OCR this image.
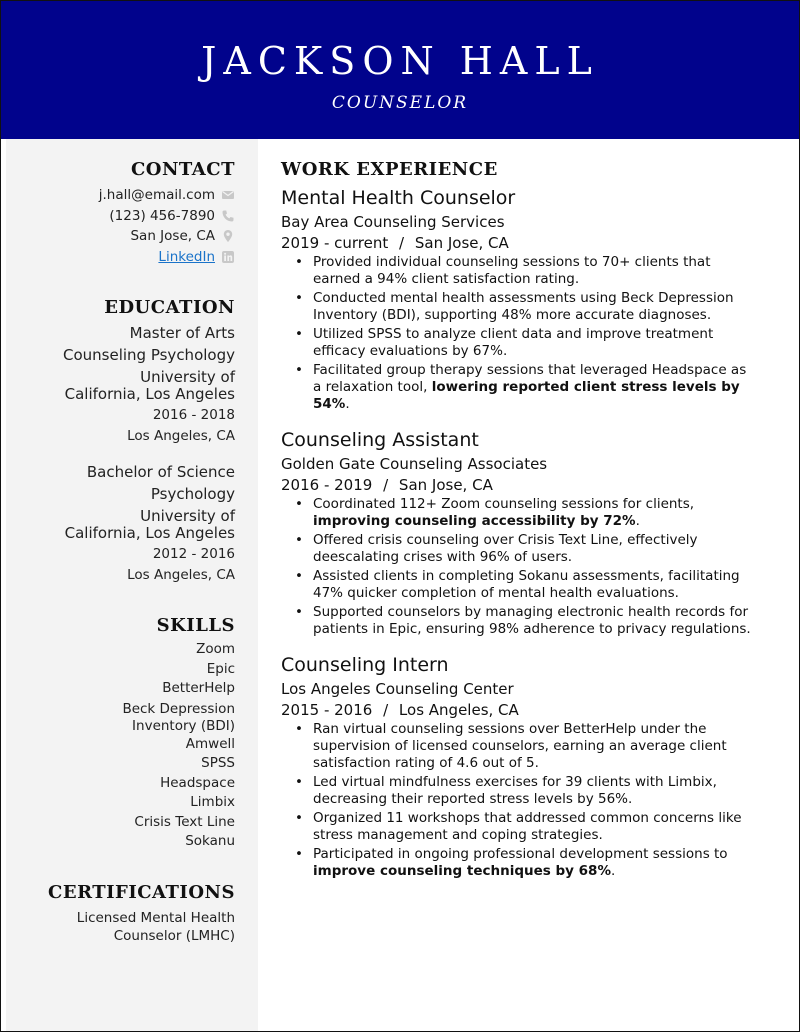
JACKSON HALL
COUNSELOR
CONTACT
j.hall@email.com
(123) 456-7890
San Jose, CA
LinkedIn
EDUCATION
Master of Arts
Counseling Psychology
University of
California, Los Angeles
2016 - 2018
Los Angeles, CA
Bachelor of Science
Psychology
University of
California, Los Angeles
2012 - 2016
Los Angeles, CA
SKILLS
Zoom
Epic
BetterHelp
Beck Depression
Inventory (BDI)
Amwell
SPSS
Headspace
Limbix
Crisis Text Line
Sokanu
CERTIFICATIONS
Licensed Mental Health
Counselor (LMHC)
WORK EXPERIENCE
Mental Health Counselor
Bay Area Counseling Services
2019 - current / San Jose, CA
• Provided individual counseling sessions to 70+ clients that earned a 94% client satisfaction rating.
• Conducted mental health assessments using Beck Depression Inventory (BDI), supporting 48% more accurate diagnoses.
• Utilized SPSS to analyze client data and improve treatment efficacy evaluations by 67%.
• Facilitated group therapy sessions that leveraged Headspace as a relaxation tool, lowering reported client stress levels by 54%.
Counseling Assistant
Golden Gate Counseling Associates
2016 - 2019 / San Jose, CA
• Coordinated 112+ Zoom counseling sessions for clients, improving counseling accessibility by 72%.
• Offered crisis counseling over Crisis Text Line, effectively deescalating crises with 96% of users.
• Assisted clients in completing Sokanu assessments, facilitating 47% quicker completion of mental health evaluations.
• Supported counselors by managing electronic health records for patients in Epic, ensuring 98% adherence to privacy regulations.
Counseling Intern
Los Angeles Counseling Center
2015 - 2016 / Los Angeles, CA
• Ran virtual counseling sessions over BetterHelp under the supervision of licensed counselors, earning an average client satisfaction rating of 4.6 out of 5.
• Led virtual mindfulness exercises for 39 clients with Limbix, decreasing their reported stress levels by 56%.
• Organized 11 workshops that addressed common concerns like stress management and coping strategies.
• Participated in ongoing professional development sessions to improve counseling techniques by 68%.
